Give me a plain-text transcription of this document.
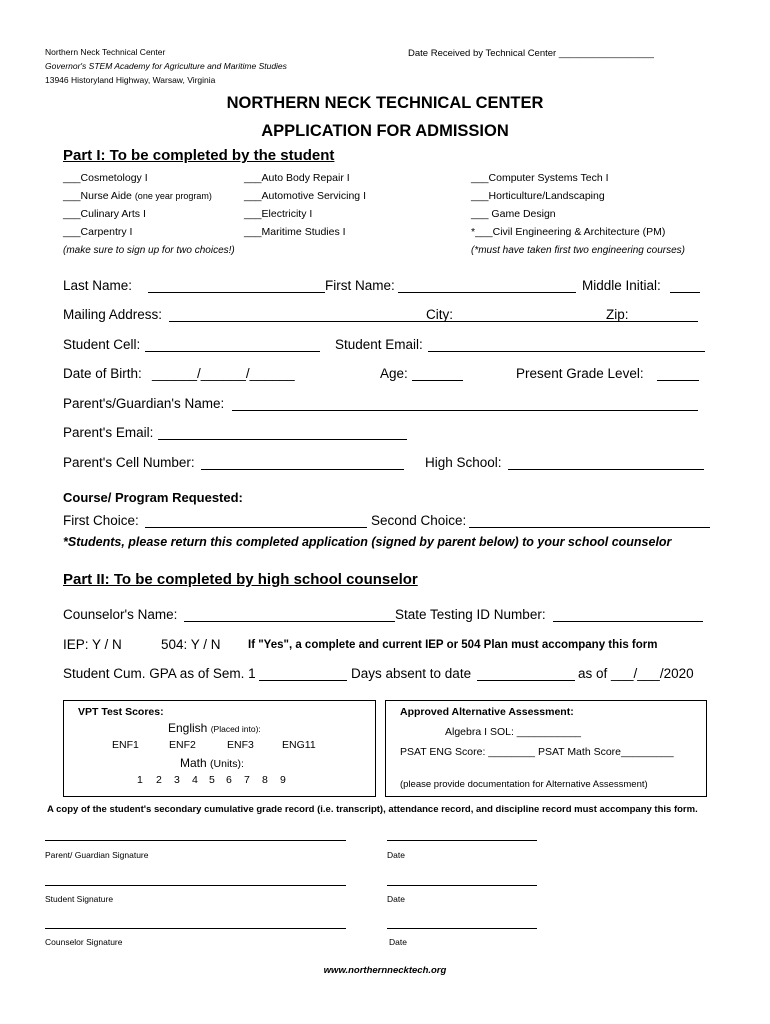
Northern Neck Technical Center
Governor's STEM Academy for Agriculture and Maritime Studies
13946 Historyland Highway, Warsaw, Virginia
Date Received by Technical Center __________________
NORTHERN NECK TECHNICAL CENTER
APPLICATION FOR ADMISSION
Part I: To be completed by the student
___Cosmetology I
___Nurse Aide (one year program)
___Culinary Arts I
___Carpentry I
___Auto Body Repair I
___Automotive Servicing I
___Electricity I
___Maritime Studies I
___Computer Systems Tech I
___Horticulture/Landscaping
___ Game Design
*___Civil Engineering & Architecture (PM)
(make sure to sign up for two choices!)	(*must have taken first two engineering courses)
Last Name:	First Name:	Middle Initial:
Mailing Address:	City:	Zip:
Student Cell:	Student Email:
Date of Birth: ______/______/______	Age:	Present Grade Level:
Parent's/Guardian's Name:
Parent's Email:
Parent's Cell Number:	High School:
Course/ Program Requested:
First Choice:	Second Choice:
*Students, please return this completed application (signed by parent below) to your school counselor
Part II: To be completed by high school counselor
Counselor's Name:	State Testing ID Number:
IEP: Y / N	504: Y / N If "Yes", a complete and current IEP or 504 Plan must accompany this form
Student Cum. GPA as of Sem. 1	Days absent to date	as of ___/___/2020
VPT Test Scores:
English (Placed into):
ENF1	ENF2	ENF3	ENG11
Math (Units):
1 2 3 4 5 6 7 8 9
Approved Alternative Assessment:
Algebra I SOL: ___________
PSAT ENG Score: ________ PSAT Math Score_________
(please provide documentation for Alternative Assessment)
A copy of the student's secondary cumulative grade record (i.e. transcript), attendance record, and discipline record must accompany this form.
Parent/ Guardian Signature	Date
Student Signature	Date
Counselor Signature	Date
www.northernnecktech.org
